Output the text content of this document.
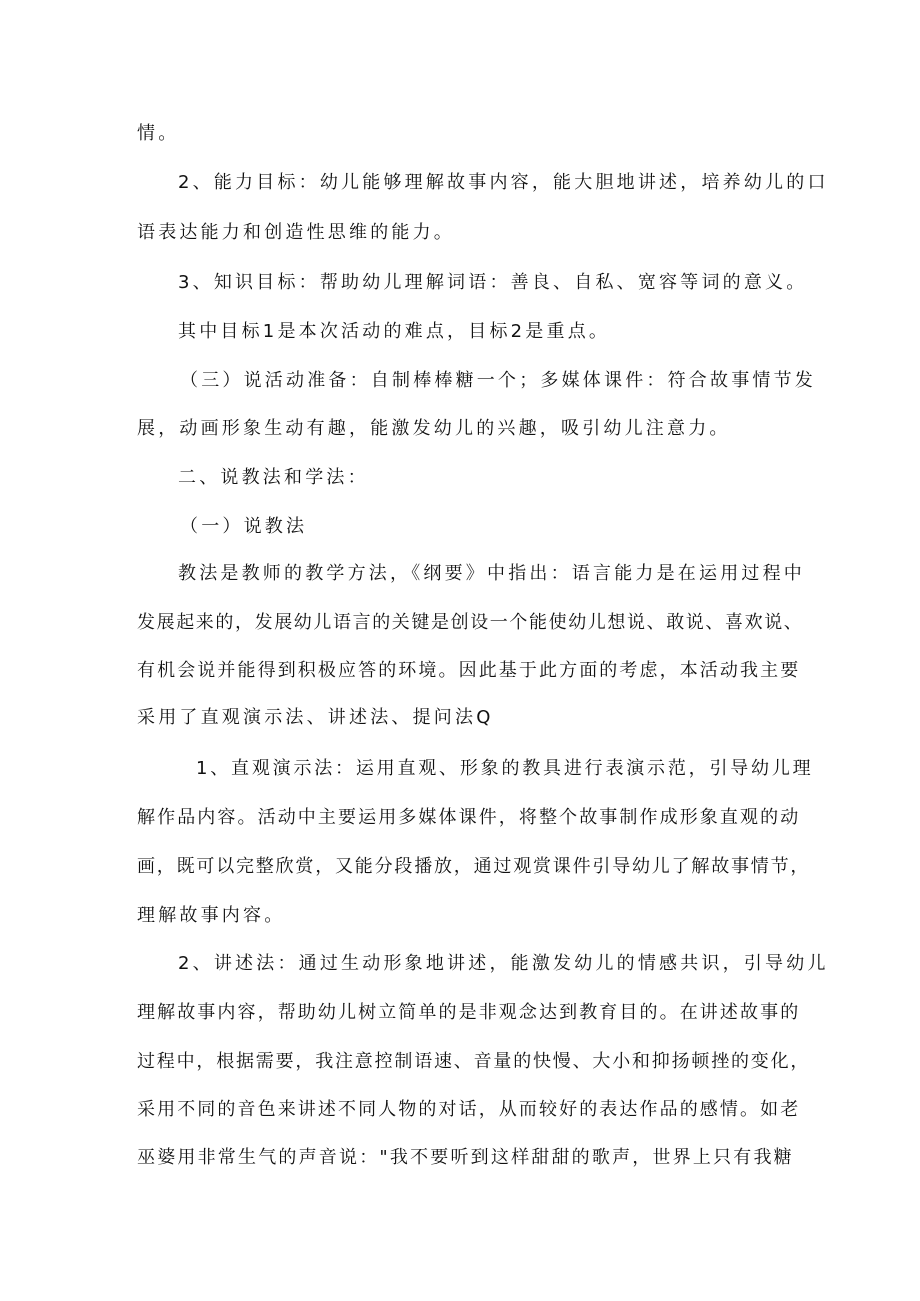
情。
2、能力目标：幼儿能够理解故事内容，能大胆地讲述，培养幼儿的口
语表达能力和创造性思维的能力。
3、知识目标：帮助幼儿理解词语：善良、自私、宽容等词的意义。
其中目标1是本次活动的难点，目标2是重点。
（三）说活动准备：自制棒棒糖一个；多媒体课件：符合故事情节发
展，动画形象生动有趣，能激发幼儿的兴趣，吸引幼儿注意力。
二、说教法和学法：
（一）说教法
教法是教师的教学方法，《纲要》中指出：语言能力是在运用过程中
发展起来的，发展幼儿语言的关键是创设一个能使幼儿想说、敢说、喜欢说、
有机会说并能得到积极应答的环境。因此基于此方面的考虑，本活动我主要
采用了直观演示法、讲述法、提问法Q
1、直观演示法：运用直观、形象的教具进行表演示范，引导幼儿理
解作品内容。活动中主要运用多媒体课件，将整个故事制作成形象直观的动
画，既可以完整欣赏，又能分段播放，通过观赏课件引导幼儿了解故事情节，
理解故事内容。
2、讲述法：通过生动形象地讲述，能激发幼儿的情感共识，引导幼儿
理解故事内容，帮助幼儿树立简单的是非观念达到教育目的。在讲述故事的
过程中，根据需要，我注意控制语速、音量的快慢、大小和抑扬顿挫的变化，
采用不同的音色来讲述不同人物的对话，从而较好的表达作品的感情。如老
巫婆用非常生气的声音说："我不要听到这样甜甜的歌声，世界上只有我糖
